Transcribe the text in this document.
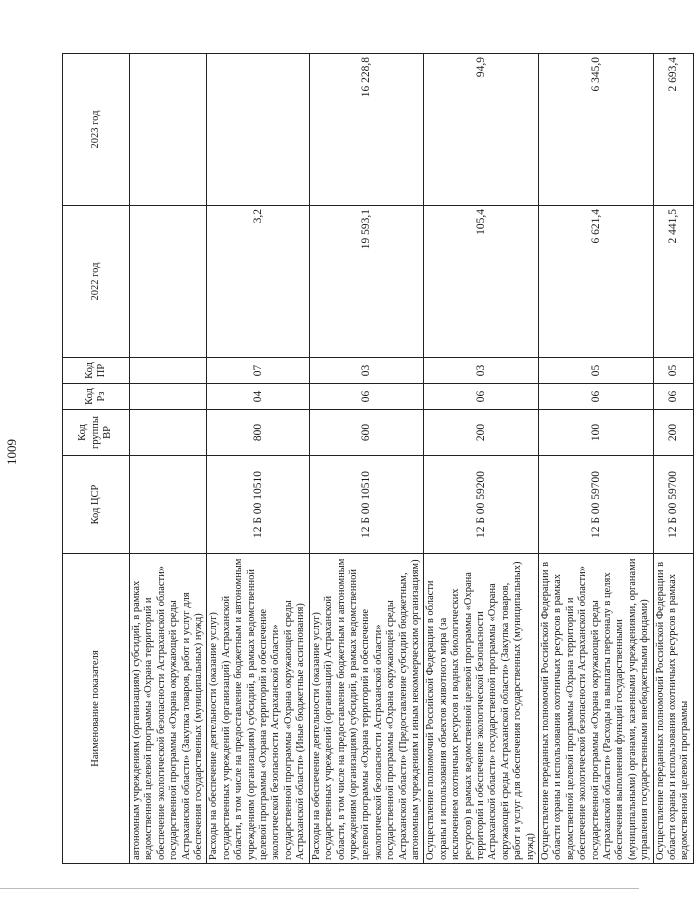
1009
Наименование показателя	Код ЦСР	Код группы ВР	Код Рз	Код ПР	2022 год	2023 год
автономным учреждениям (организациям) субсидий, в рамках ведомственной целевой программы «Охрана территорий и обеспечение экологической безопасности Астраханской области» государственной программы «Охрана окружающей среды Астраханской области» (Закупка товаров, работ и услуг для обеспечения государственных (муниципальных) нужд)						
Расходы на обеспечение деятельности (оказание услуг) государственных учреждений (организаций) Астраханской области, в том числе на предоставление бюджетным и автономным учреждениям (организациям) субсидий, в рамках ведомственной целевой программы «Охрана территорий и обеспечение экологической безопасности Астраханской области» государственной программы «Охрана окружающей среды Астраханской области» (Иные бюджетные ассигнования)	12 Б 00 10510	800	04	07	3,2	
Расходы на обеспечение деятельности (оказание услуг) государственных учреждений (организаций) Астраханской области, в том числе на предоставление бюджетным и автономным учреждениям (организациям) субсидий, в рамках ведомственной целевой программы «Охрана территорий и обеспечение экологической безопасности Астраханской области» государственной программы «Охрана окружающей среды Астраханской области» (Предоставление субсидий бюджетным, автономным учреждениям и иным некоммерческим организациям)	12 Б 00 10510	600	06	03	19 593,1	16 228,8
Осуществление полномочий Российской Федерации в области охраны и использования объектов животного мира (за исключением охотничьих ресурсов и водных биологических ресурсов) в рамках ведомственной целевой программы «Охрана территорий и обеспечение экологической безопасности Астраханской области» государственной программы «Охрана окружающей среды Астраханской области» (Закупка товаров, работ и услуг для обеспечения государственных (муниципальных) нужд)	12 Б 00 59200	200	06	03	105,4	94,9
Осуществление переданных полномочий Российской Федерации в области охраны и использования охотничьих ресурсов в рамках ведомственной целевой программы «Охрана территорий и обеспечение экологической безопасности Астраханской области» государственной программы «Охрана окружающей среды Астраханской области» (Расходы на выплаты персоналу в целях обеспечения выполнения функций государственными (муниципальными) органами, казенными учреждениями, органами управления государственными внебюджетными фондами)	12 Б 00 59700	100	06	05	6 621,4	6 345,0
Осуществление переданных полномочий Российской Федерации в области охраны и использования охотничьих ресурсов в рамках ведомственной целевой программы	12 Б 00 59700	200	06	05	2 441,5	2 693,4
